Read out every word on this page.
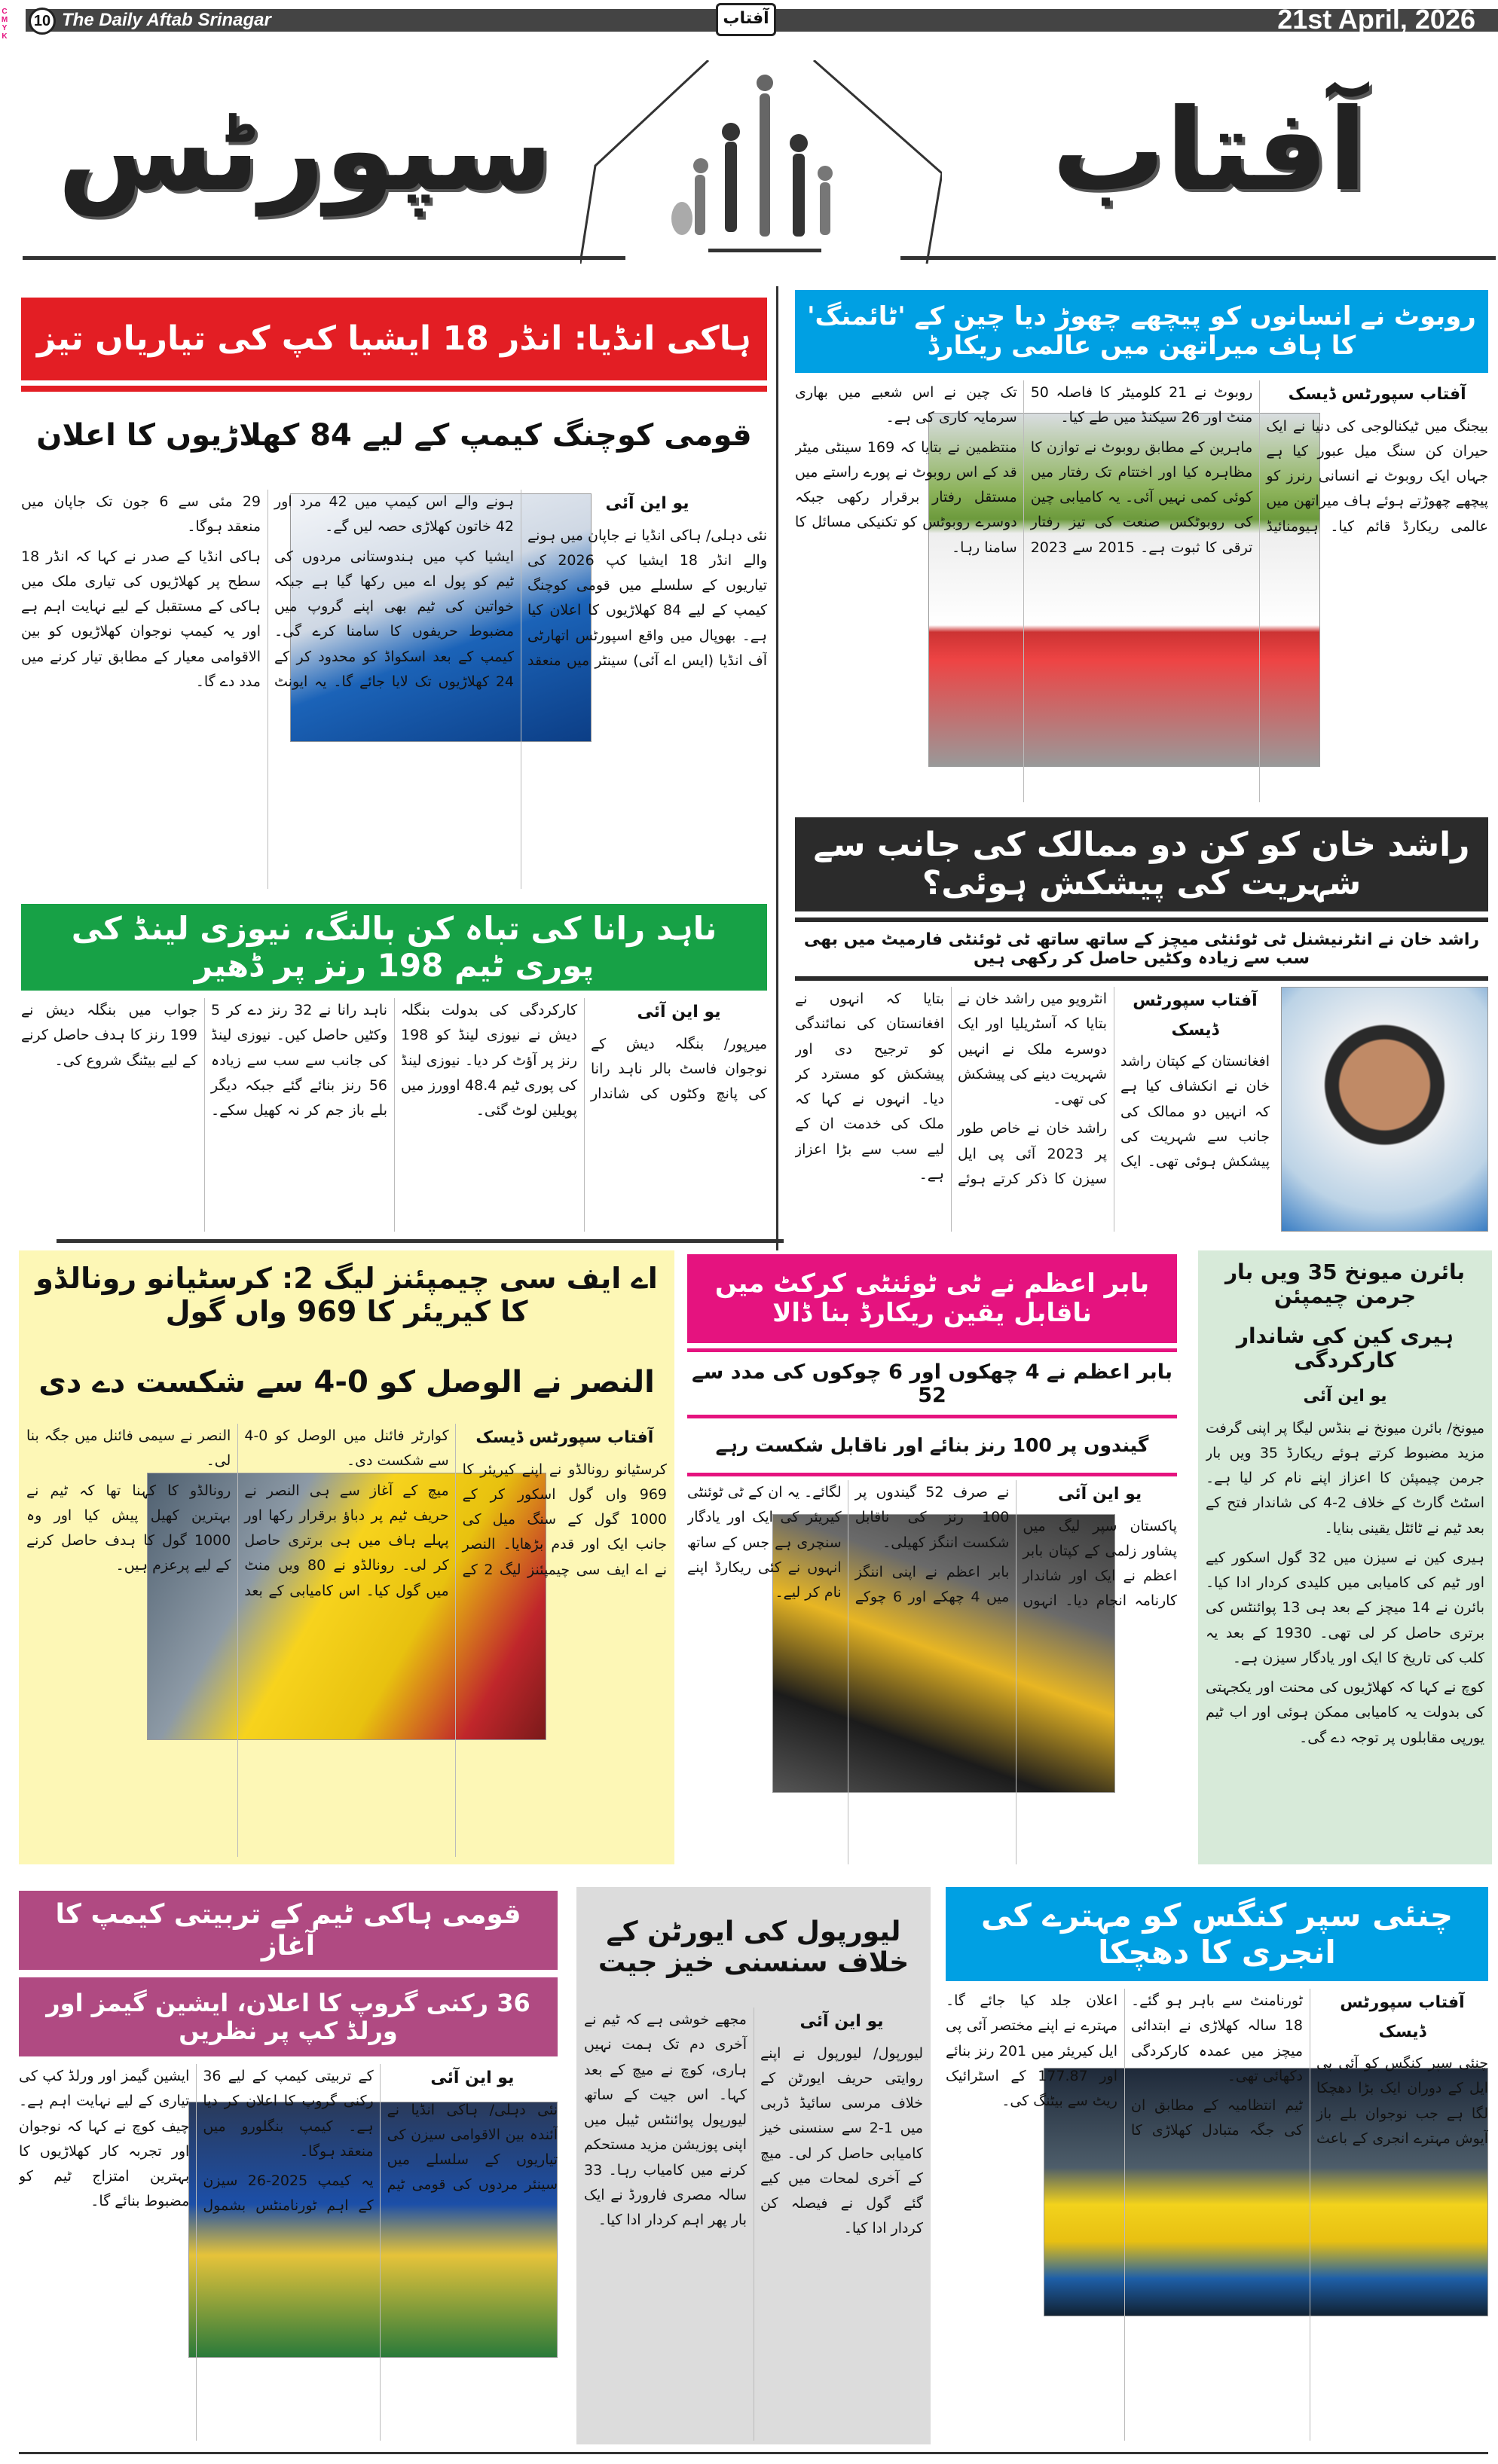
CMYK
The Daily Aftab Srinagar	21st April, 2026
10	آفتاب
آفتاب
سپورٹس
ہاکی انڈیا: انڈر 18 ایشیا کپ کی تیاریاں تیز
قومی کوچنگ کیمپ کے لیے 84 کھلاڑیوں کا اعلان
یو این آئی

نئی دہلی/ ہاکی انڈیا نے جاپان میں ہونے والے انڈر 18 ایشیا کپ 2026 کی تیاریوں کے سلسلے میں قومی کوچنگ کیمپ کے لیے 84 کھلاڑیوں کا اعلان کیا ہے۔ بھوپال میں واقع اسپورٹس اتھارٹی آف انڈیا (ایس اے آئی) سینٹر میں منعقد ہونے والے اس کیمپ میں 42 مرد اور 42 خاتون کھلاڑی حصہ لیں گے۔

ایشیا کپ میں ہندوستانی مردوں کی ٹیم کو پول اے میں رکھا گیا ہے جبکہ خواتین کی ٹیم بھی اپنے گروپ میں مضبوط حریفوں کا سامنا کرے گی۔ کیمپ کے بعد اسکواڈ کو محدود کر کے 24 کھلاڑیوں تک لایا جائے گا۔ یہ ایونٹ 29 مئی سے 6 جون تک جاپان میں منعقد ہوگا۔

ہاکی انڈیا کے صدر نے کہا کہ انڈر 18 سطح پر کھلاڑیوں کی تیاری ملک میں ہاکی کے مستقبل کے لیے نہایت اہم ہے اور یہ کیمپ نوجوان کھلاڑیوں کو بین الاقوامی معیار کے مطابق تیار کرنے میں مدد دے گا۔

ناہد رانا کی تباہ کن بالنگ، نیوزی لینڈ کی پوری ٹیم 198 رنز پر ڈھیر
یو این آئی

میرپور/ بنگلہ دیش کے نوجوان فاسٹ بالر ناہد رانا کی پانچ وکٹوں کی شاندار کارکردگی کی بدولت بنگلہ دیش نے نیوزی لینڈ کو 198 رنز پر آؤٹ کر دیا۔ نیوزی لینڈ کی پوری ٹیم 48.4 اوورز میں پویلین لوٹ گئی۔

ناہد رانا نے 32 رنز دے کر 5 وکٹیں حاصل کیں۔ نیوزی لینڈ کی جانب سے سب سے زیادہ 56 رنز بنائے گئے جبکہ دیگر بلے باز جم کر نہ کھیل سکے۔ جواب میں بنگلہ دیش نے 199 رنز کا ہدف حاصل کرنے کے لیے بیٹنگ شروع کی۔

روبوٹ نے انسانوں کو پیچھے چھوڑ دیا چین کے 'ٹائمنگ' کا ہاف میراتھن میں عالمی ریکارڈ
آفتاب سپورٹس ڈیسک

بیجنگ میں ٹیکنالوجی کی دنیا نے ایک حیران کن سنگ میل عبور کیا ہے جہاں ایک روبوٹ نے انسانی رنرز کو پیچھے چھوڑتے ہوئے ہاف میراتھن میں عالمی ریکارڈ قائم کیا۔ ہیومنائیڈ روبوٹ نے 21 کلومیٹر کا فاصلہ 50 منٹ اور 26 سیکنڈ میں طے کیا۔

ماہرین کے مطابق روبوٹ نے توازن کا مظاہرہ کیا اور اختتام تک رفتار میں کوئی کمی نہیں آئی۔ یہ کامیابی چین کی روبوٹکس صنعت کی تیز رفتار ترقی کا ثبوت ہے۔ 2015 سے 2023 تک چین نے اس شعبے میں بھاری سرمایہ کاری کی ہے۔

منتظمین نے بتایا کہ 169 سینٹی میٹر قد کے اس روبوٹ نے پورے راستے میں مستقل رفتار برقرار رکھی جبکہ دوسرے روبوٹس کو تکنیکی مسائل کا سامنا رہا۔

راشد خان کو کن دو ممالک کی جانب سے شہریت کی پیشکش ہوئی؟
راشد خان نے انٹرنیشنل ٹی ٹوئنٹی میچز کے ساتھ ساتھ ٹی ٹوئنٹی فارمیٹ میں بھی سب سے زیادہ وکٹیں حاصل کر رکھی ہیں
آفتاب سپورٹس ڈیسک

افغانستان کے کپتان راشد خان نے انکشاف کیا ہے کہ انہیں دو ممالک کی جانب سے شہریت کی پیشکش ہوئی تھی۔ ایک انٹرویو میں راشد خان نے بتایا کہ آسٹریلیا اور ایک دوسرے ملک نے انہیں شہریت دینے کی پیشکش کی تھی۔

راشد خان نے خاص طور پر 2023 آئی پی ایل سیزن کا ذکر کرتے ہوئے بتایا کہ انہوں نے افغانستان کی نمائندگی کو ترجیح دی اور پیشکش کو مسترد کر دیا۔ انہوں نے کہا کہ ملک کی خدمت ان کے لیے سب سے بڑا اعزاز ہے۔

اے ایف سی چیمپئنز لیگ 2: کرسٹیانو رونالڈو کا کیریئر کا 969 واں گول
النصر نے الوصل کو 0-4 سے شکست دے دی
آفتاب سپورٹس ڈیسک

کرسٹیانو رونالڈو نے اپنے کیریئر کا 969 واں گول اسکور کر کے 1000 گول کے سنگ میل کی جانب ایک اور قدم بڑھایا۔ النصر نے اے ایف سی چیمپئنز لیگ 2 کے کوارٹر فائنل میں الوصل کو 0-4 سے شکست دی۔

میچ کے آغاز سے ہی النصر نے حریف ٹیم پر دباؤ برقرار رکھا اور پہلے ہاف میں ہی برتری حاصل کر لی۔ رونالڈو نے 80 ویں منٹ میں گول کیا۔ اس کامیابی کے بعد النصر نے سیمی فائنل میں جگہ بنا لی۔

رونالڈو کا کہنا تھا کہ ٹیم نے بہترین کھیل پیش کیا اور وہ 1000 گول کا ہدف حاصل کرنے کے لیے پرعزم ہیں۔

بابر اعظم نے ٹی ٹوئنٹی کرکٹ میں ناقابل یقین ریکارڈ بنا ڈالا
بابر اعظم نے 4 چھکوں اور 6 چوکوں کی مدد سے 52
گیندوں پر 100 رنز بنائے اور ناقابل شکست رہے
یو این آئی

پاکستان سپر لیگ میں پشاور زلمی کے کپتان بابر اعظم نے ایک اور شاندار کارنامہ انجام دیا۔ انہوں نے صرف 52 گیندوں پر 100 رنز کی ناقابل شکست اننگز کھیلی۔

بابر اعظم نے اپنی اننگز میں 4 چھکے اور 6 چوکے لگائے۔ یہ ان کے ٹی ٹوئنٹی کیریئر کی ایک اور یادگار سنچری ہے جس کے ساتھ انہوں نے کئی ریکارڈ اپنے نام کر لیے۔

بائرن میونخ 35 ویں بار جرمن چیمپئن
ہیری کین کی شاندار کارکردگی
یو این آئی

میونخ/ بائرن میونخ نے بنڈس لیگا پر اپنی گرفت مزید مضبوط کرتے ہوئے ریکارڈ 35 ویں بار جرمن چیمپئن کا اعزاز اپنے نام کر لیا ہے۔ اسٹٹ گارٹ کے خلاف 2-4 کی شاندار فتح کے بعد ٹیم نے ٹائٹل یقینی بنایا۔

ہیری کین نے سیزن میں 32 گول اسکور کیے اور ٹیم کی کامیابی میں کلیدی کردار ادا کیا۔ بائرن نے 14 میچز کے بعد ہی 13 پوائنٹس کی برتری حاصل کر لی تھی۔ 1930 کے بعد یہ کلب کی تاریخ کا ایک اور یادگار سیزن ہے۔

کوچ نے کہا کہ کھلاڑیوں کی محنت اور یکجہتی کی بدولت یہ کامیابی ممکن ہوئی اور اب ٹیم یورپی مقابلوں پر توجہ دے گی۔

قومی ہاکی ٹیم کے تربیتی کیمپ کا آغاز
36 رکنی گروپ کا اعلان، ایشین گیمز اور ورلڈ کپ پر نظریں
یو این آئی

نئی دہلی/ ہاکی انڈیا نے آئندہ بین الاقوامی سیزن کی تیاریوں کے سلسلے میں سینئر مردوں کی قومی ٹیم کے تربیتی کیمپ کے لیے 36 رکنی گروپ کا اعلان کر دیا ہے۔ کیمپ بنگلورو میں منعقد ہوگا۔

یہ کیمپ 2025-26 سیزن کے اہم ٹورنامنٹس بشمول ایشین گیمز اور ورلڈ کپ کی تیاری کے لیے نہایت اہم ہے۔ چیف کوچ نے کہا کہ نوجوان اور تجربہ کار کھلاڑیوں کا بہترین امتزاج ٹیم کو مضبوط بنائے گا۔

لیورپول کی ایورٹن کے خلاف سنسنی خیز جیت
یو این آئی

لیورپول/ لیورپول نے اپنے روایتی حریف ایورٹن کے خلاف مرسی سائیڈ ڈربی میں 1-2 سے سنسنی خیز کامیابی حاصل کر لی۔ میچ کے آخری لمحات میں کیے گئے گول نے فیصلہ کن کردار ادا کیا۔

مجھے خوشی ہے کہ ٹیم نے آخری دم تک ہمت نہیں ہاری، کوچ نے میچ کے بعد کہا۔ اس جیت کے ساتھ لیورپول پوائنٹس ٹیبل میں اپنی پوزیشن مزید مستحکم کرنے میں کامیاب رہا۔ 33 سالہ مصری فارورڈ نے ایک بار پھر اہم کردار ادا کیا۔

چنئی سپر کنگس کو مہترے کی انجری کا دھچکا
آفتاب سپورٹس ڈیسک

چنئی سپر کنگس کو آئی پی ایل کے دوران ایک بڑا دھچکا لگا ہے جب نوجوان بلے باز آیوش مہترے انجری کے باعث ٹورنامنٹ سے باہر ہو گئے۔ 18 سالہ کھلاڑی نے ابتدائی میچز میں عمدہ کارکردگی دکھائی تھی۔

ٹیم انتظامیہ کے مطابق ان کی جگہ متبادل کھلاڑی کا اعلان جلد کیا جائے گا۔ مہترے نے اپنے مختصر آئی پی ایل کیریئر میں 201 رنز بنائے اور 177.87 کے اسٹرائیک ریٹ سے بیٹنگ کی۔
